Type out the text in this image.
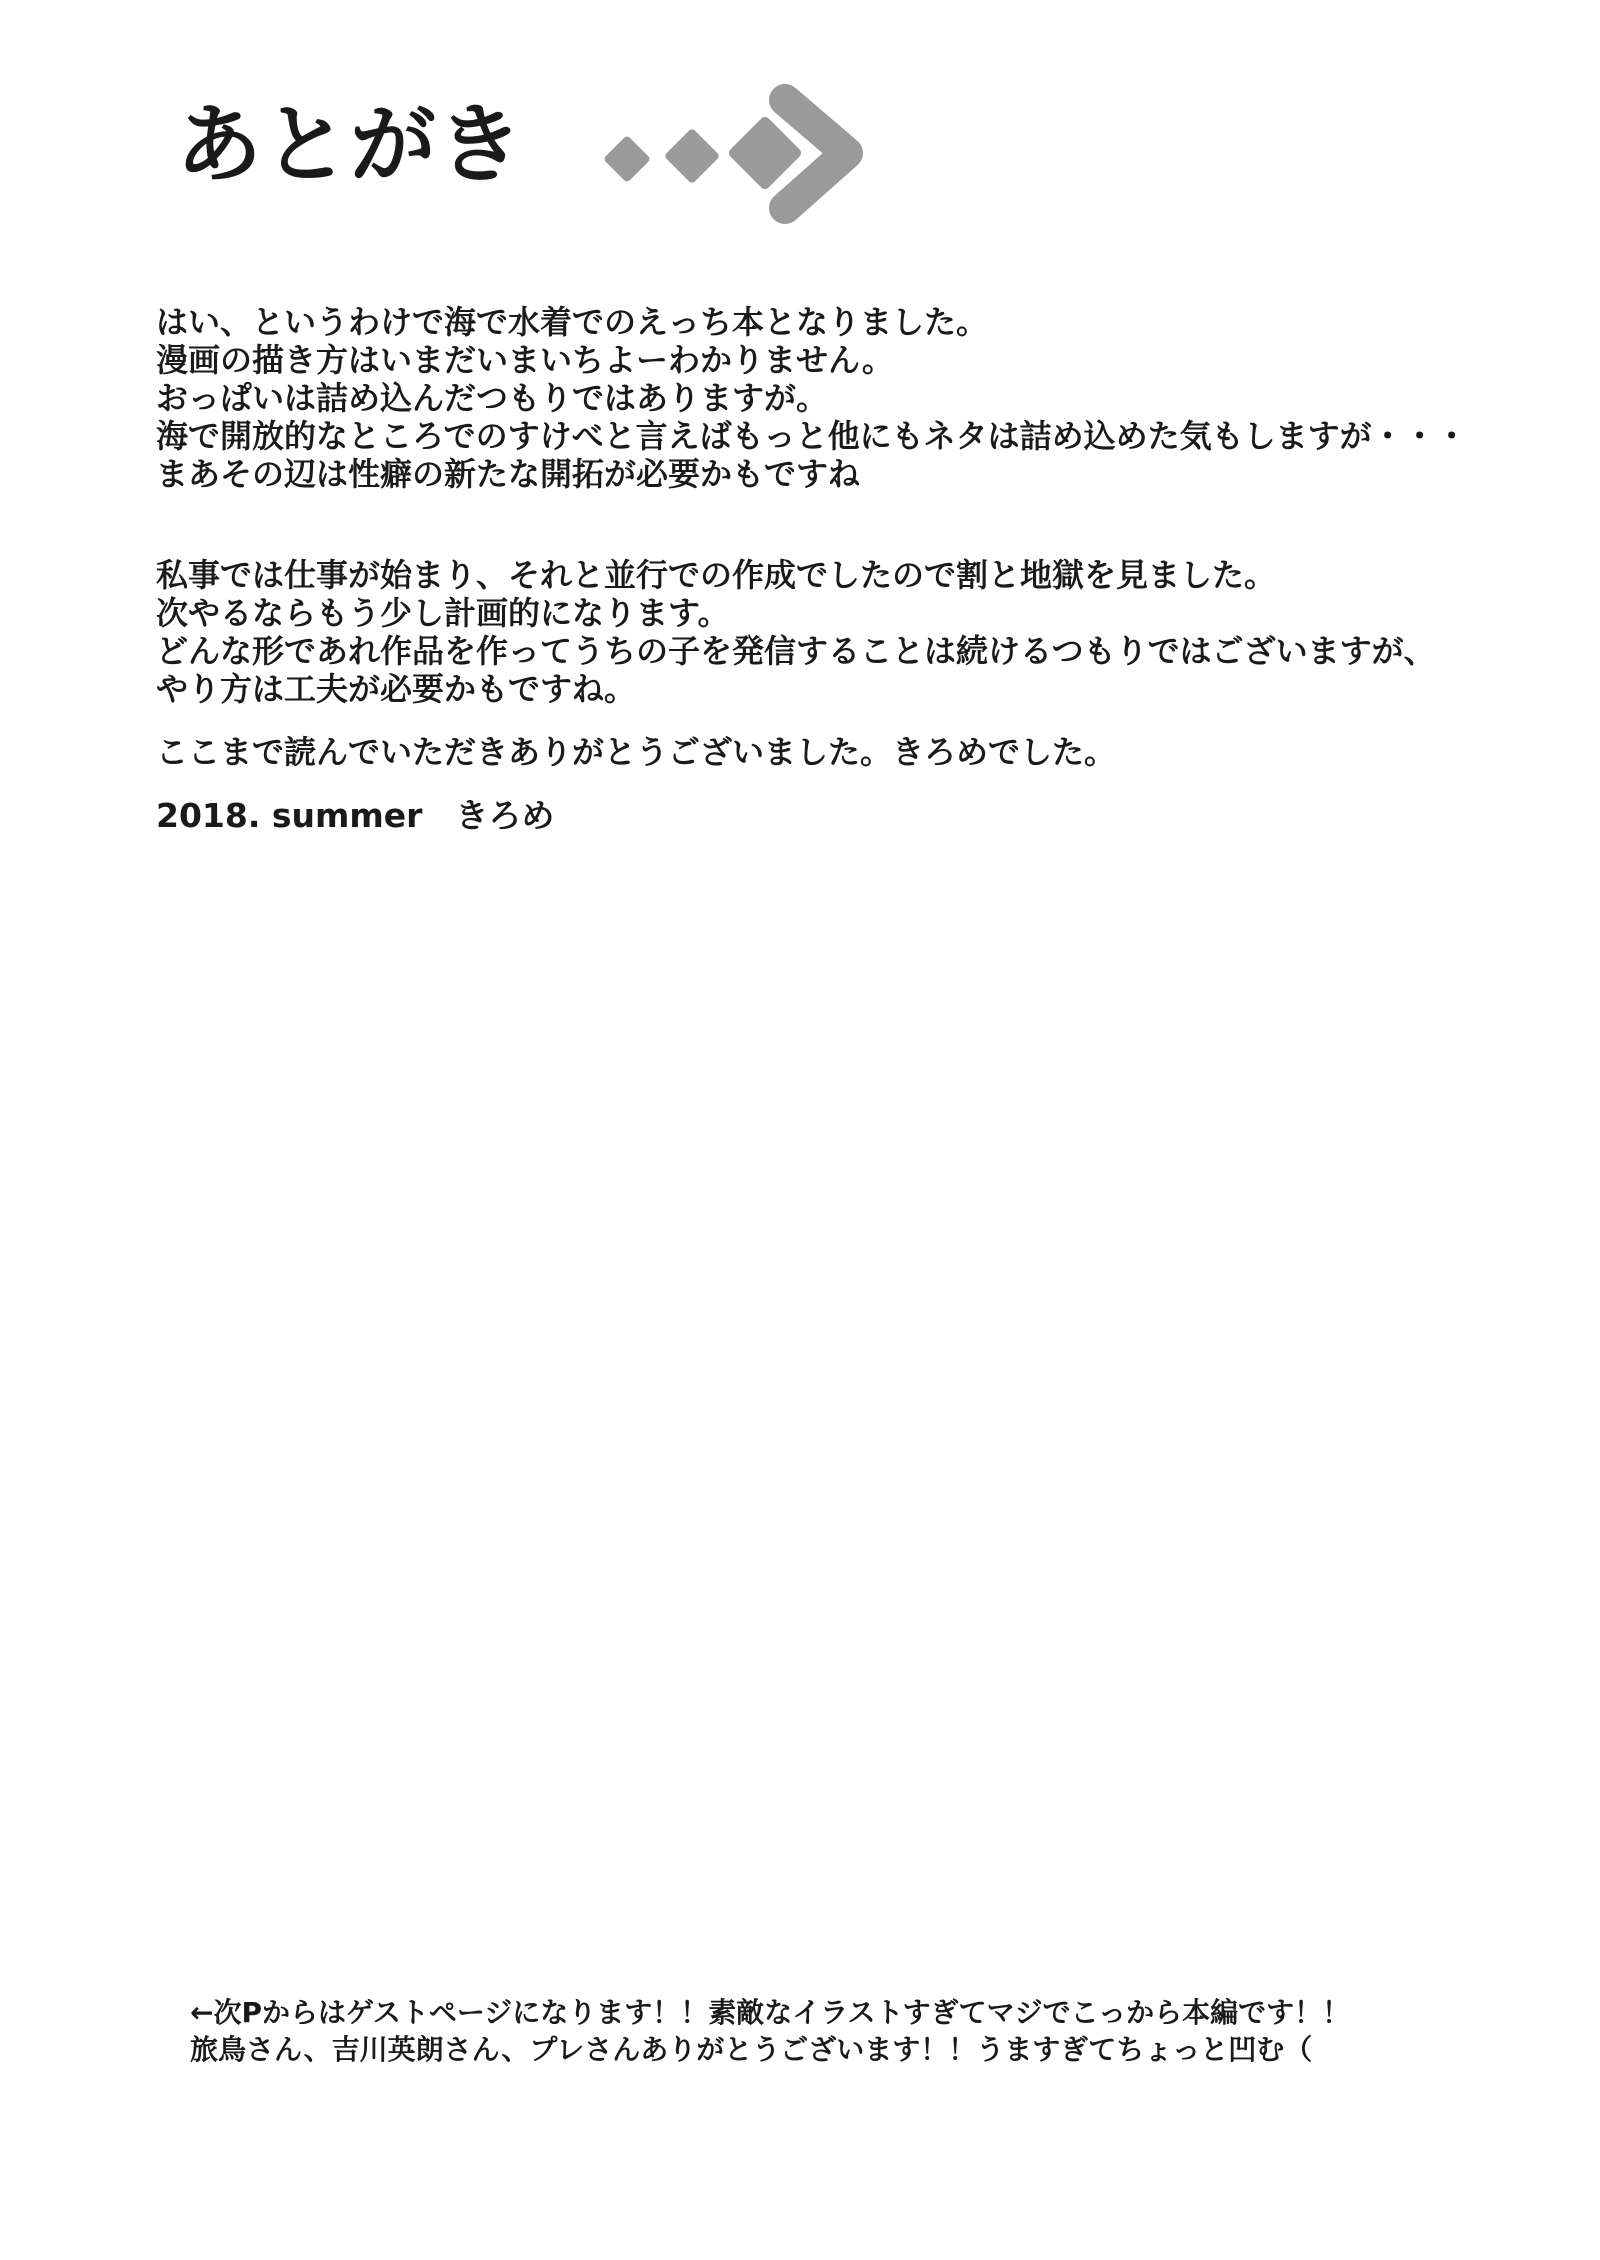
あとがき
はい、というわけで海で水着でのえっち本となりました。
漫画の描き方はいまだいまいちよーわかりません。
おっぱいは詰め込んだつもりではありますが。
海で開放的なところでのすけべと言えばもっと他にもネタは詰め込めた気もしますが・・・
まあその辺は性癖の新たな開拓が必要かもですね
私事では仕事が始まり、それと並行での作成でしたので割と地獄を見ました。
次やるならもう少し計画的になります。
どんな形であれ作品を作ってうちの子を発信することは続けるつもりではございますが、
やり方は工夫が必要かもですね。
ここまで読んでいただきありがとうございました。きろめでした。
2018. summer　きろめ
←次Pからはゲストページになります！！素敵なイラストすぎてマジでこっから本編です！！
旅鳥さん、吉川英朗さん、プレさんありがとうございます！！うますぎてちょっと凹む（
